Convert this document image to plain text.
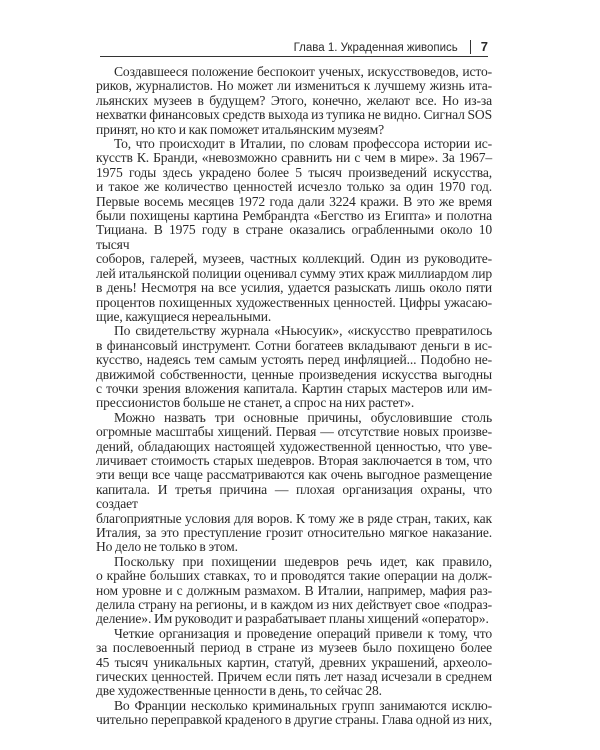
Глава 1. Украденная живопись 7
Создавшееся положение беспокоит ученых, искусствоведов, исто-
риков, журналистов. Но может ли измениться к лучшему жизнь ита-
льянских музеев в будущем? Этого, конечно, желают все. Но из-за
нехватки финансовых средств выхода из тупика не видно. Сигнал SOS
принят, но кто и как поможет итальянским музеям?
То, что происходит в Италии, по словам профессора истории ис-
кусств К. Бранди, «невозможно сравнить ни с чем в мире». За 1967–
1975 годы здесь украдено более 5 тысяч произведений искусства,
и такое же количество ценностей исчезло только за один 1970 год.
Первые восемь месяцев 1972 года дали 3224 кражи. В это же время
были похищены картина Рембрандта «Бегство из Египта» и полотна
Тициана. В 1975 году в стране оказались ограбленными около 10 тысяч
соборов, галерей, музеев, частных коллекций. Один из руководите-
лей итальянской полиции оценивал сумму этих краж миллиардом лир
в день! Несмотря на все усилия, удается разыскать лишь около пяти
процентов похищенных художественных ценностей. Цифры ужасаю-
щие, кажущиеся нереальными.
По свидетельству журнала «Ньюсуик», «искусство превратилось
в финансовый инструмент. Сотни богатеев вкладывают деньги в ис-
кусство, надеясь тем самым устоять перед инфляцией... Подобно не-
движимой собственности, ценные произведения искусства выгодны
с точки зрения вложения капитала. Картин старых мастеров или им-
прессионистов больше не станет, а спрос на них растет».
Можно назвать три основные причины, обусловившие столь
огромные масштабы хищений. Первая — отсутствие новых произве-
дений, обладающих настоящей художественной ценностью, что уве-
личивает стоимость старых шедевров. Вторая заключается в том, что
эти вещи все чаще рассматриваются как очень выгодное размещение
капитала. И третья причина — плохая организация охраны, что создает
благоприятные условия для воров. К тому же в ряде стран, таких, как
Италия, за это преступление грозит относительно мягкое наказание.
Но дело не только в этом.
Поскольку при похищении шедевров речь идет, как правило,
о крайне больших ставках, то и проводятся такие операции на долж-
ном уровне и с должным размахом. В Италии, например, мафия раз-
делила страну на регионы, и в каждом из них действует свое «подраз-
деление». Им руководит и разрабатывает планы хищений «оператор».
Четкие организация и проведение операций привели к тому, что
за послевоенный период в стране из музеев было похищено более
45 тысяч уникальных картин, статуй, древних украшений, археоло-
гических ценностей. Причем если пять лет назад исчезали в среднем
две художественные ценности в день, то сейчас 28.
Во Франции несколько криминальных групп занимаются исклю-
чительно переправкой краденого в другие страны. Глава одной из них,
